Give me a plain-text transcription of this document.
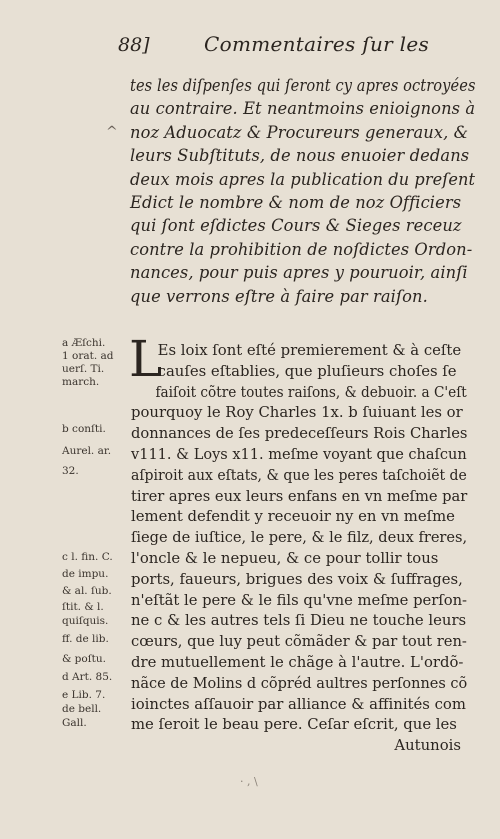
88]	Commentaires ſur les
^
tes les diſpenſes qui ſeront cy apres octroyées
au contraire. Et neantmoins enioignons à
noz Aduocatz & Procureurs generaux, &
leurs Subſtituts, de nous enuoier dedans
deux mois apres la publication du preſent
Edict le nombre & nom de noz Officiers
qui ſont eſdictes Cours & Sieges receuz
contre la prohibition de noſdictes Ordon-
nances, pour puis apres y pouruoir, ainſi
que verrons eſtre à faire par raiſon.
a Æſchi.
1 orat. ad
uerſ. Ti.
march.
b conſti.
Aurel. ar.
32.
c l. fin. C.
de impu.
& al. ſub.
ſtit. & l.
quiſquis.
ff. de lib.
& poſtu.
d Art. 85.
e Lib. 7.
de bell.
Gall.
L
Es loix ſont eſté premierement & à ceſte
cauſes eſtablies, que pluſieurs choſes ſe
faiſoit cõtre toutes raiſons, & debuoir. a C'eſt
pourquoy le Roy Charles 1x. b ſuiuant les or
donnances de ſes predeceſſeurs Rois Charles
v111. & Loys x11. meſme voyant que chaſcun
aſpiroit aux eſtats, & que les peres taſchoiẽt de
tirer apres eux leurs enfans en vn meſme par
lement defendit y receuoir ny en vn meſme
ſiege de iuſtice, le pere, & le filz, deux freres,
l'oncle & le nepueu, & ce pour tollir tous
ports, faueurs, brigues des voix & ſuffrages,
n'eſtãt le pere & le fils qu'vne meſme perſon-
ne c & les autres tels ſi Dieu ne touche leurs
cœurs, que luy peut cõmãder & par tout ren-
dre mutuellement le chãge à l'autre. L'ordõ-
nãce de Molins d cõpréd aultres perſonnes cõ
ioinctes aſſauoir par alliance & affinités com
me ſeroit le beau pere. Ceſar eſcrit, que les
Autunois
· , \
